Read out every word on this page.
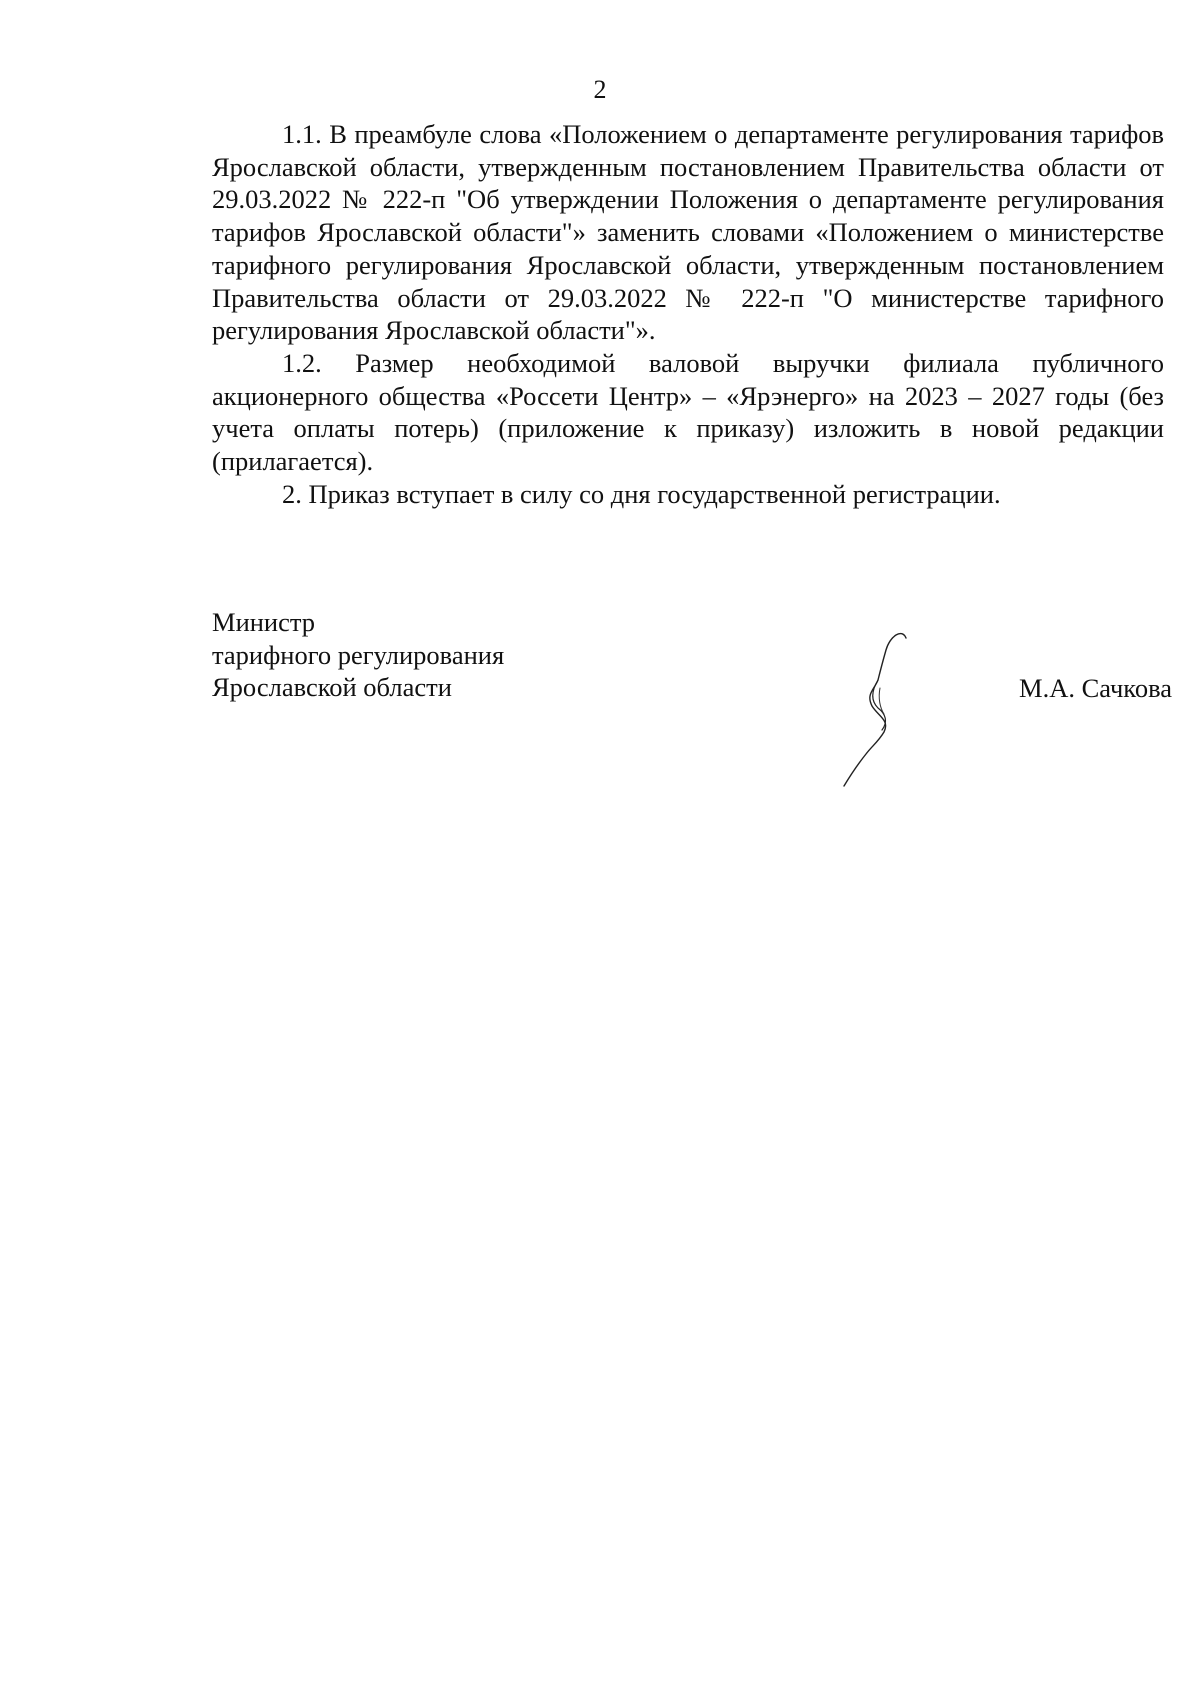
2

1.1. В преамбуле слова «Положением о департаменте регулирования тарифов Ярославской области, утвержденным постановлением Правительства области от 29.03.2022 № 222-п "Об утверждении Положения о департаменте регулирования тарифов Ярославской области"» заменить словами «Положением о министерстве тарифного регулирования Ярославской области, утвержденным постановлением Правительства области от 29.03.2022 № 222-п "О министерстве тарифного регулирования Ярославской области"».

1.2. Размер необходимой валовой выручки филиала публичного акционерного общества «Россети Центр» – «Ярэнерго» на 2023 – 2027 годы (без учета оплаты потерь) (приложение к приказу) изложить в новой редакции (прилагается).

2. Приказ вступает в силу со дня государственной регистрации.

Министр
тарифного регулирования
Ярославской области	М.А. Сачкова
